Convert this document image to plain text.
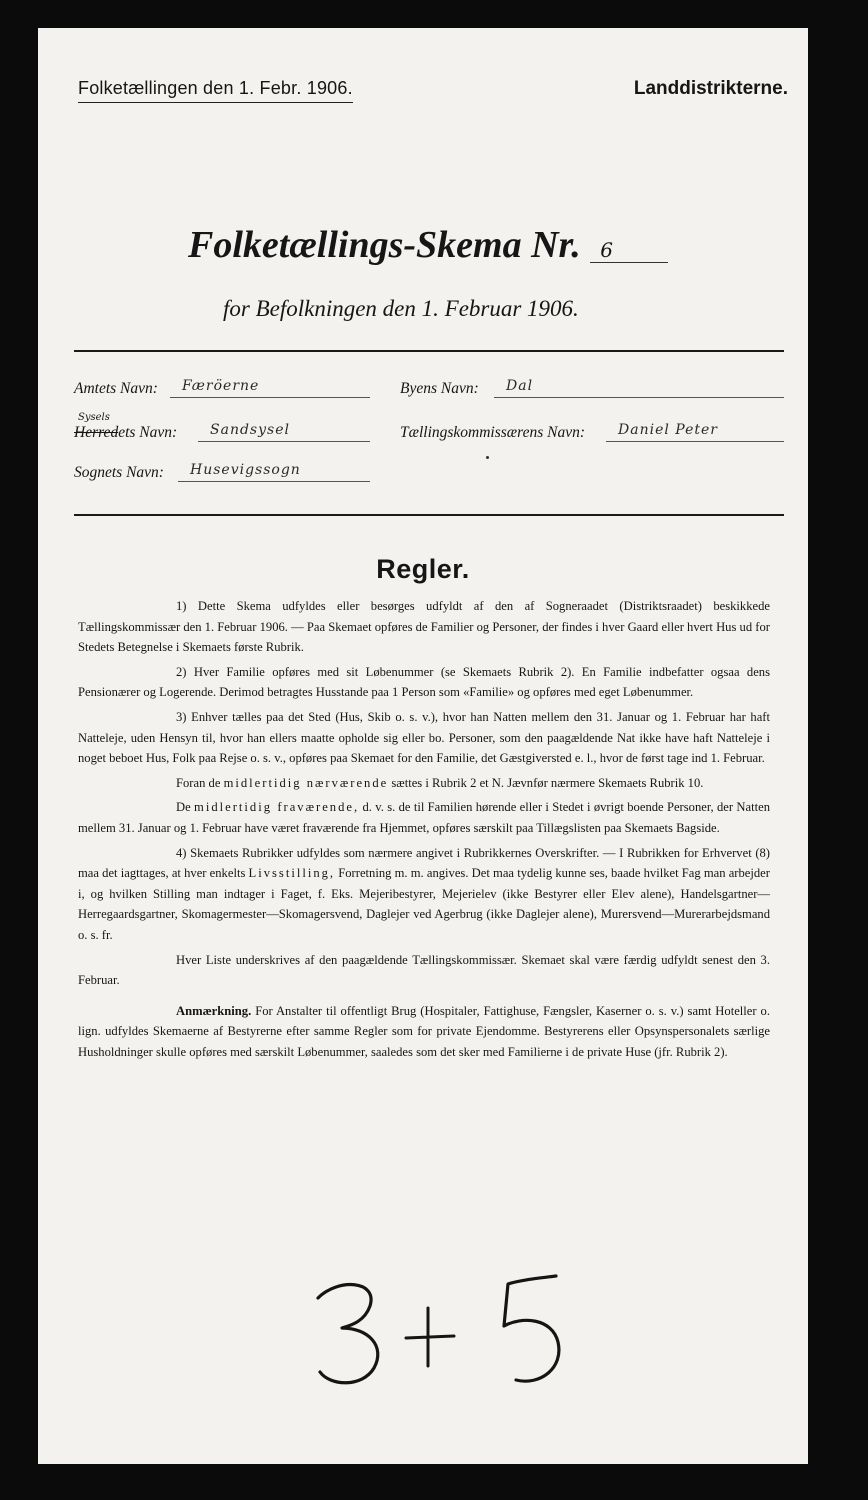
Folketællingen den 1. Febr. 1906.	Landdistrikterne.
Folketællings-Skema Nr. 6
for Befolkningen den 1. Februar 1906.
Amtets Navn:	Færöerne	Byens Navn:	Dal
Sysels
Herredets Navn:	Sandsysel	Tællingskommissærens Navn:	Daniel Peter
Sognets Navn:	Husevigssogn
Regler.

1) Dette Skema udfyldes eller besørges udfyldt af den af Sogneraadet (Distriktsraadet) beskikkede Tællingskommissær den 1. Februar 1906. — Paa Skemaet opføres de Familier og Personer, der findes i hver Gaard eller hvert Hus ud for Stedets Betegnelse i Skemaets første Rubrik.

2) Hver Familie opføres med sit Løbenummer (se Skemaets Rubrik 2). En Familie indbefatter ogsaa dens Pensionærer og Logerende. Derimod betragtes Husstande paa 1 Person som «Familie» og opføres med eget Løbenummer.

3) Enhver tælles paa det Sted (Hus, Skib o. s. v.), hvor han Natten mellem den 31. Januar og 1. Februar har haft Natteleje, uden Hensyn til, hvor han ellers maatte opholde sig eller bo. Personer, som den paagældende Nat ikke have haft Natteleje i noget beboet Hus, Folk paa Rejse o. s. v., opføres paa Skemaet for den Familie, det Gæstgiversted e. l., hvor de først tage ind 1. Februar.

Foran de midlertidig nærværende sættes i Rubrik 2 et N. Jævnfør nærmere Skemaets Rubrik 10.

De midlertidig fraværende, d. v. s. de til Familien hørende eller i Stedet i øvrigt boende Personer, der Natten mellem 31. Januar og 1. Februar have været fraværende fra Hjemmet, opføres særskilt paa Tillægslisten paa Skemaets Bagside.

4) Skemaets Rubrikker udfyldes som nærmere angivet i Rubrikkernes Overskrifter. — I Rubrikken for Erhvervet (8) maa det iagttages, at hver enkelts Livsstilling, Forretning m. m. angives. Det maa tydelig kunne ses, baade hvilket Fag man arbejder i, og hvilken Stilling man indtager i Faget, f. Eks. Mejeribestyrer, Mejerielev (ikke Bestyrer eller Elev alene), Handelsgartner—Herregaardsgartner, Skomagermester—Skomagersvend, Daglejer ved Agerbrug (ikke Daglejer alene), Murersvend—Murerarbejdsmand o. s. fr.

Hver Liste underskrives af den paagældende Tællingskommissær. Skemaet skal være færdig udfyldt senest den 3. Februar.

Anmærkning. For Anstalter til offentligt Brug (Hospitaler, Fattighuse, Fængsler, Kaserner o. s. v.) samt Hoteller o. lign. udfyldes Skemaerne af Bestyrerne efter samme Regler som for private Ejendomme. Bestyrerens eller Opsynspersonalets særlige Husholdninger skulle opføres med særskilt Løbenummer, saaledes som det sker med Familierne i de private Huse (jfr. Rubrik 2).
